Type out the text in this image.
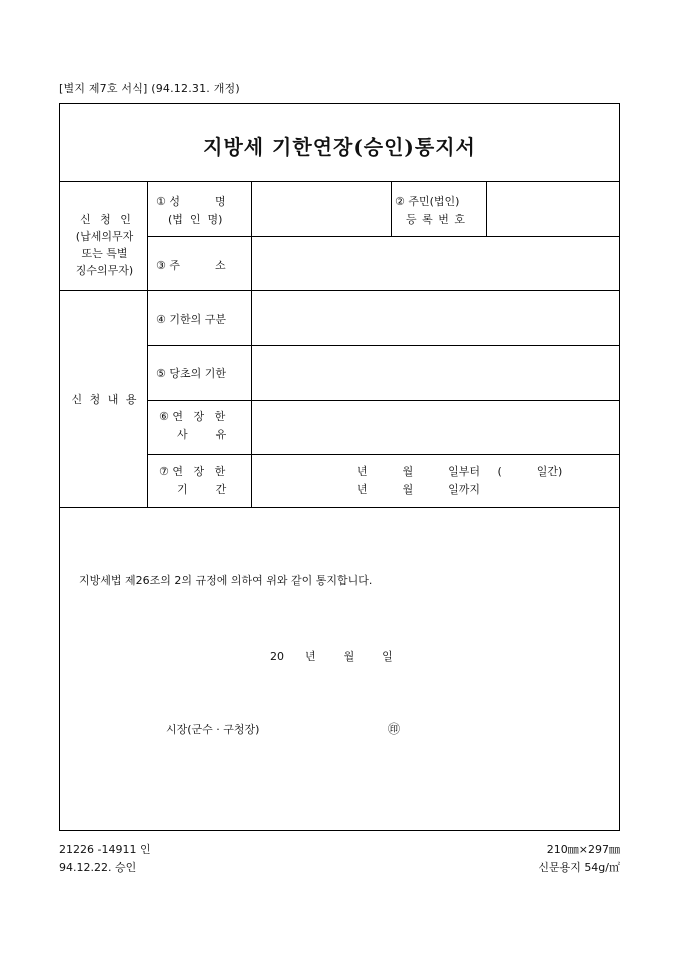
[별지 제7호 서식] (94.12.31. 개정)
지방세 기한연장(승인)통지서
신 청 인
(납세의무자
또는 특별
징수의무자)
① 성          명
(법  인  명)
② 주민(법인)
등 록 번 호
③ 주          소
신 청 내 용
④ 기한의 구분
⑤ 당초의 기한
⑥ 연   장   한
사        유
⑦ 연   장   한
기        간
년          월          일부터     (          일간)
년          월          일까지
지방세법 제26조의 2의 규정에 의하여 위와 같이 통지합니다.
20      년        월        일
시장(군수 · 구청장)	㊞
21226 -14911 인
94.12.22. 승인
210㎜×297㎜
신문용지 54g/㎡
